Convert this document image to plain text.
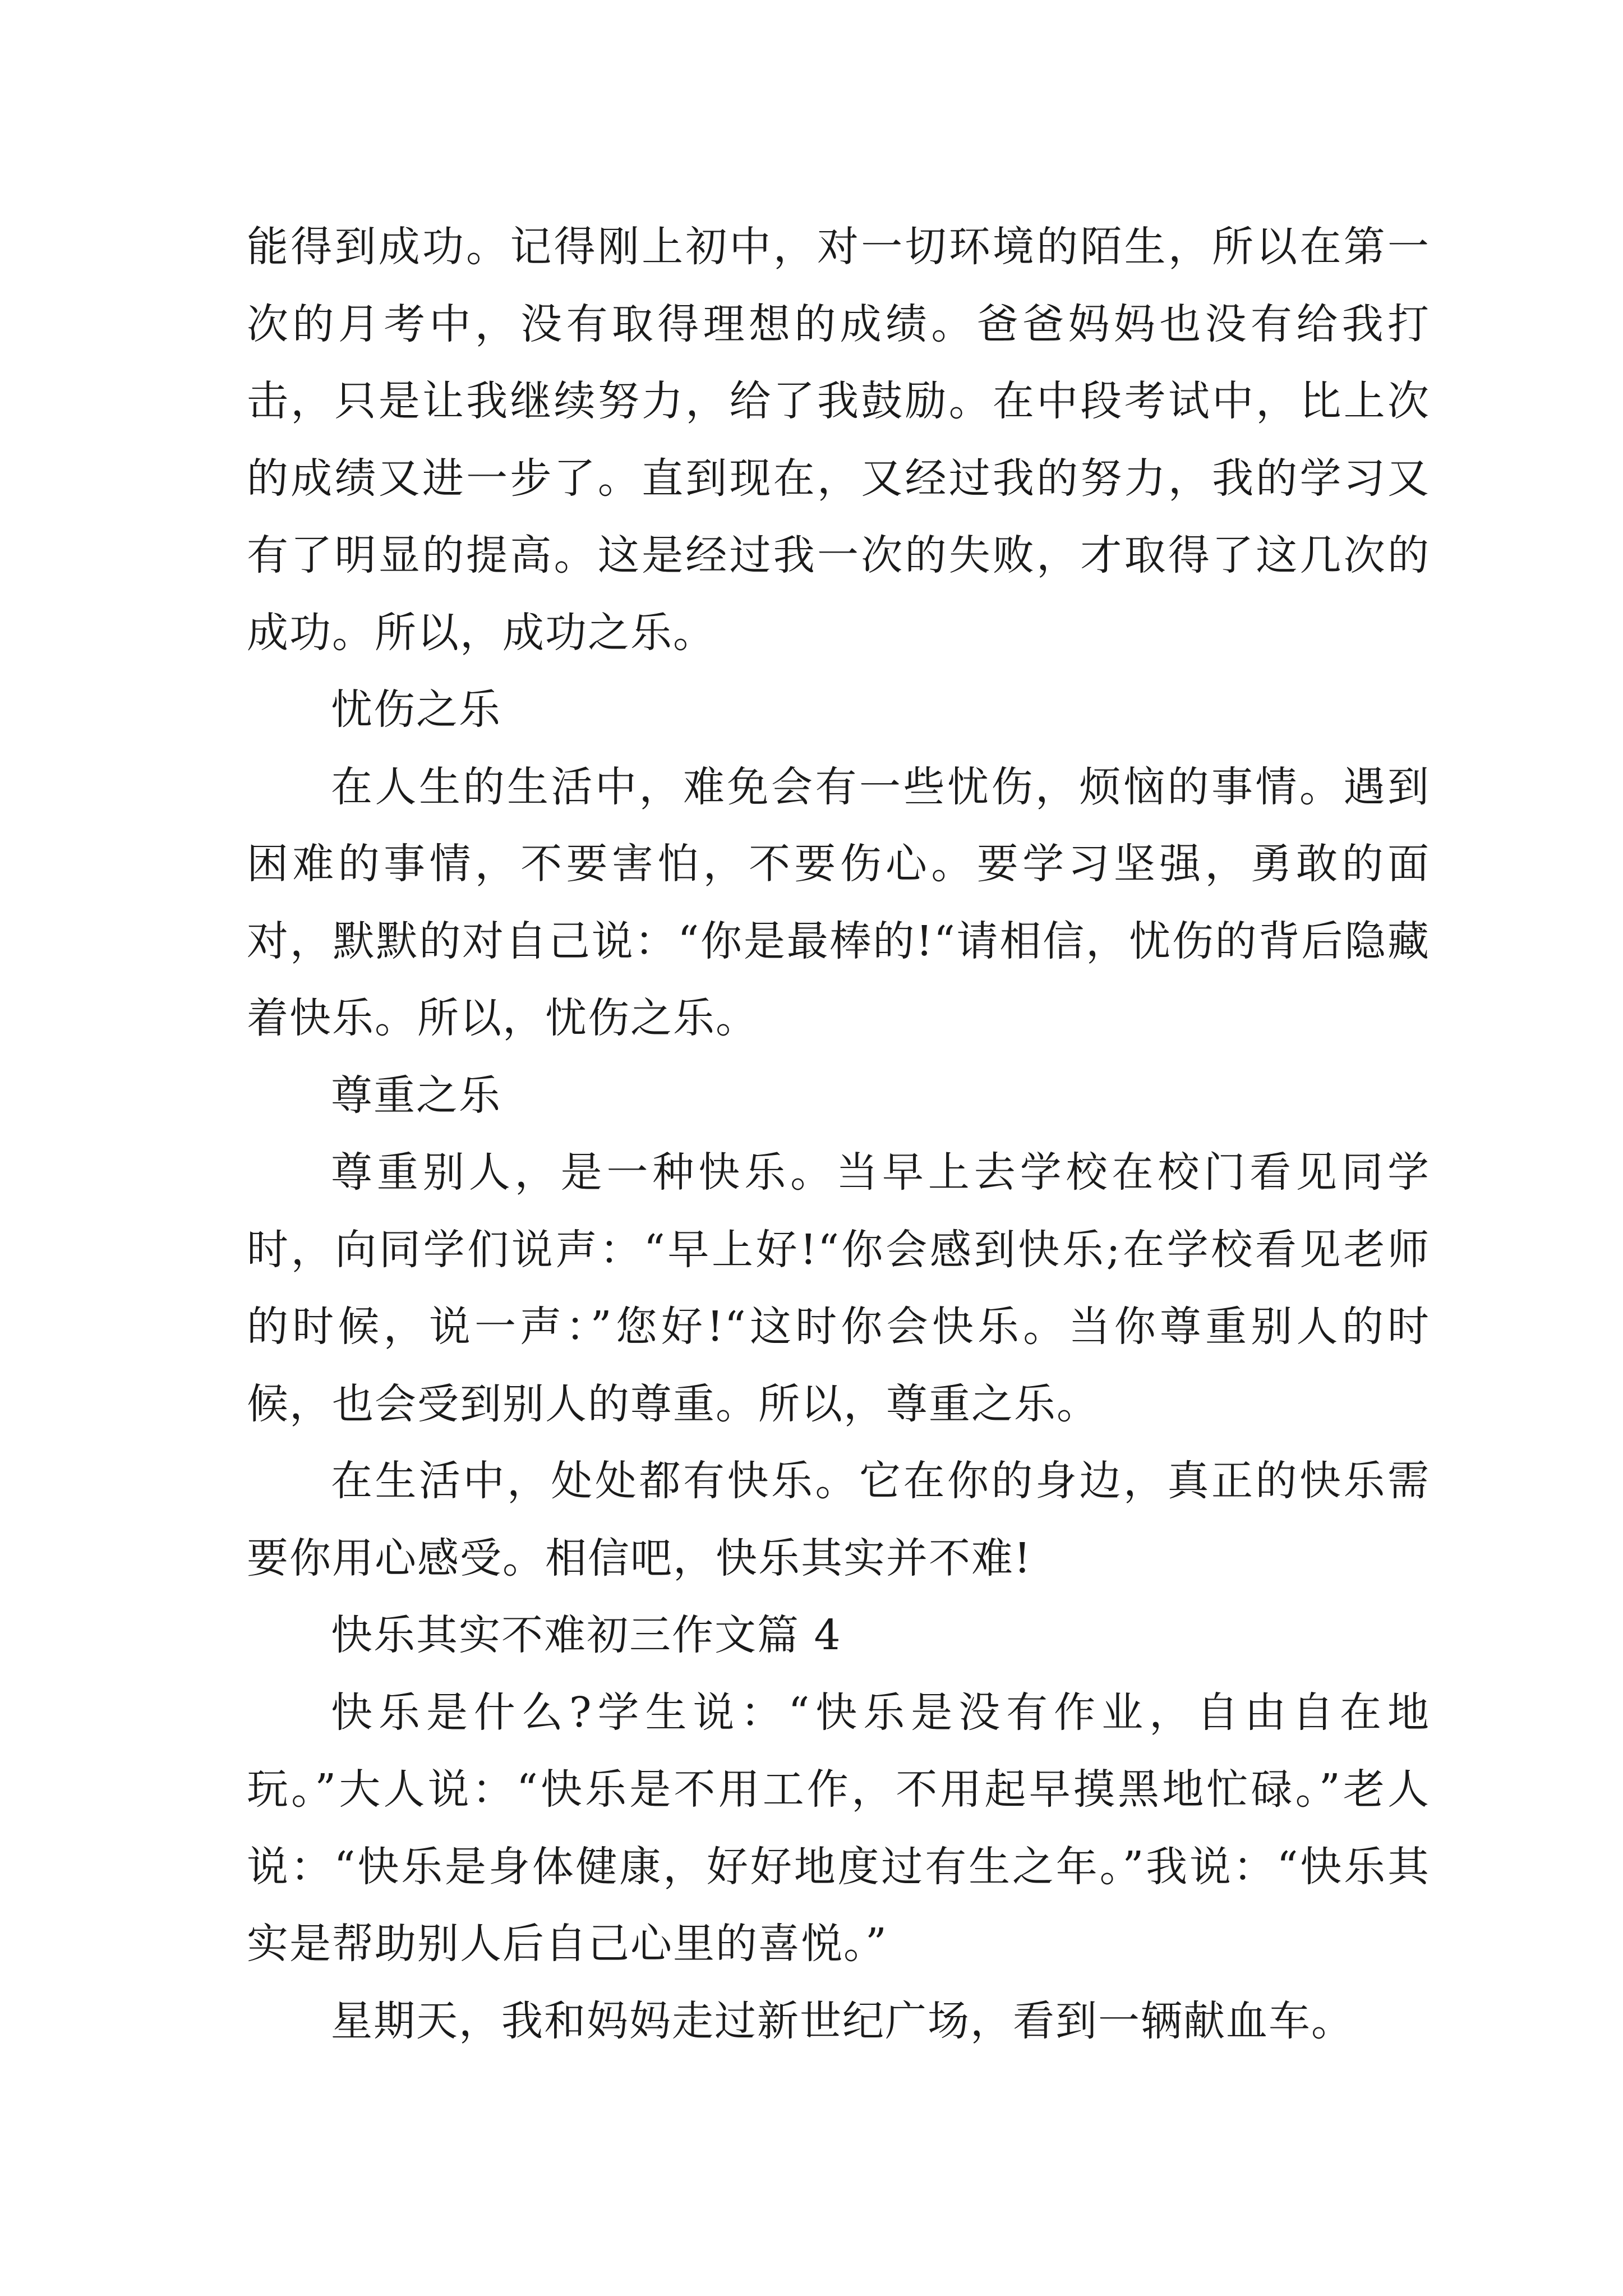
能得到成功。记得刚上初中，对一切环境的陌生，所以在第一次的月考中，没有取得理想的成绩。爸爸妈妈也没有给我打击，只是让我继续努力，给了我鼓励。在中段考试中，比上次的成绩又进一步了。直到现在，又经过我的努力，我的学习又有了明显的提高。这是经过我一次的失败，才取得了这几次的成功。所以，成功之乐。

忧伤之乐

在人生的生活中，难免会有一些忧伤，烦恼的事情。遇到困难的事情，不要害怕，不要伤心。要学习坚强，勇敢的面对，默默的对自己说：“你是最棒的!“请相信，忧伤的背后隐藏着快乐。所以，忧伤之乐。

尊重之乐

尊重别人，是一种快乐。当早上去学校在校门看见同学时，向同学们说声：“早上好!“你会感到快乐;在学校看见老师的时候，说一声：”您好!“这时你会快乐。当你尊重别人的时候，也会受到别人的尊重。所以，尊重之乐。

在生活中，处处都有快乐。它在你的身边，真正的快乐需要你用心感受。相信吧，快乐其实并不难!

快乐其实不难初三作文篇 4

快乐是什么?学生说：“快乐是没有作业，自由自在地玩。”大人说：“快乐是不用工作，不用起早摸黑地忙碌。”老人说：“快乐是身体健康，好好地度过有生之年。”我说：“快乐其实是帮助别人后自己心里的喜悦。”

星期天，我和妈妈走过新世纪广场，看到一辆献血车。
